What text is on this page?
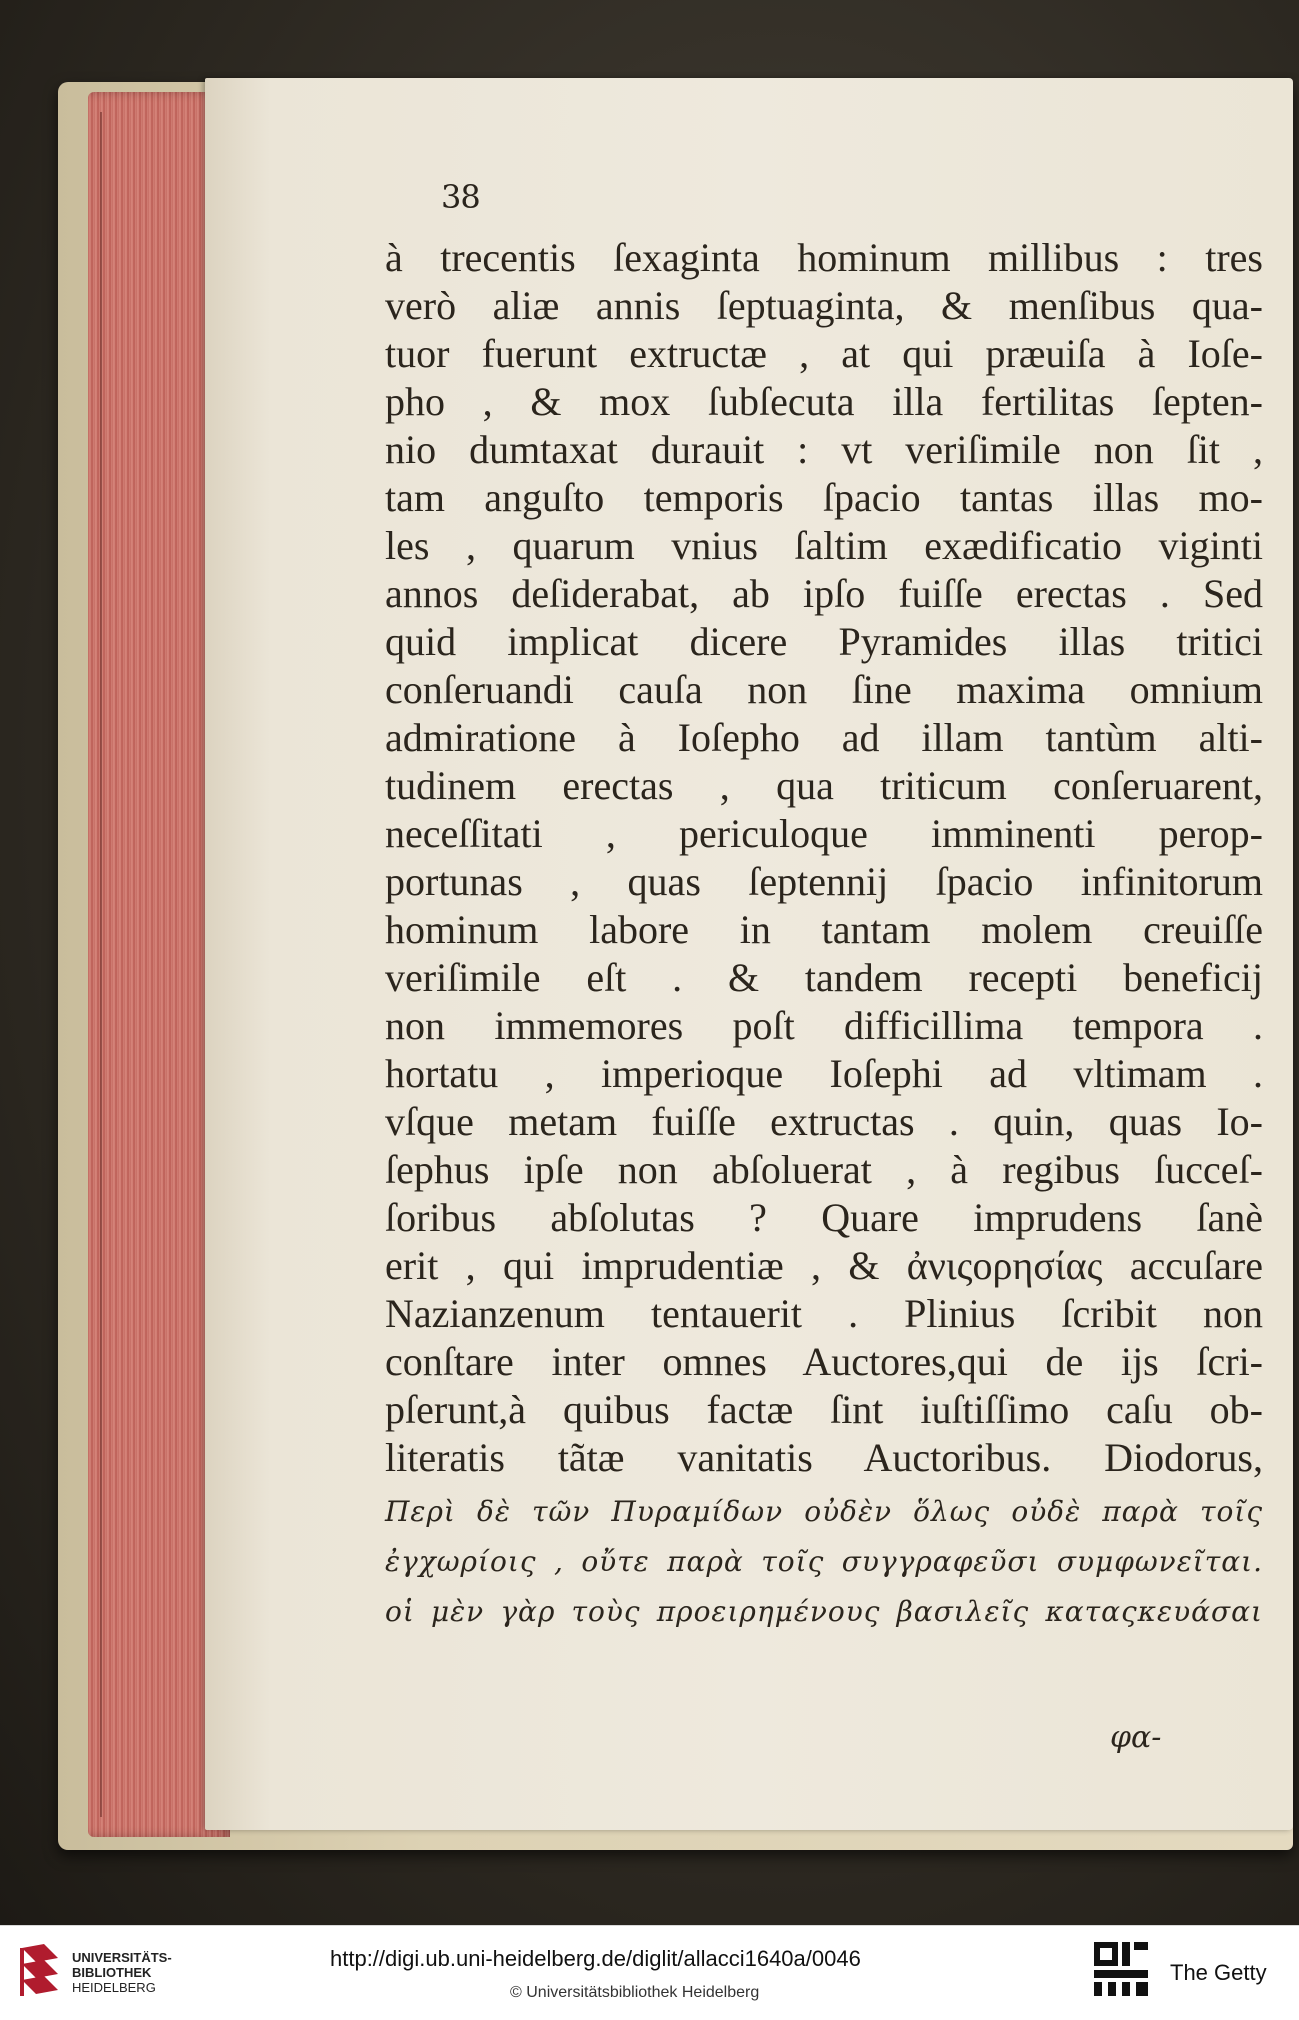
38
à trecentis ſexaginta hominum millibus : tres
verò aliæ annis ſeptuaginta, & menſibus qua-
tuor fuerunt extructæ , at qui præuiſa à Ioſe-
pho , & mox ſubſecuta illa fertilitas ſepten-
nio dumtaxat durauit : vt veriſimile non ſit ,
tam anguſto temporis ſpacio tantas illas mo-
les , quarum vnius ſaltim exædificatio viginti
annos deſiderabat, ab ipſo fuiſſe erectas . Sed
quid implicat dicere Pyramides illas tritici
conſeruandi cauſa non ſine maxima omnium
admiratione à Ioſepho ad illam tantùm alti-
tudinem erectas , qua triticum conſeruarent,
neceſſitati , periculoque imminenti perop-
portunas , quas ſeptennij ſpacio infinitorum
hominum labore in tantam molem creuiſſe
veriſimile eſt . & tandem recepti beneficij
non immemores poſt difficillima tempora .
hortatu , imperioque Ioſephi ad vltimam .
vſque metam fuiſſe extructas . quin, quas Io-
ſephus ipſe non abſoluerat , à regibus ſucceſ-
ſoribus abſolutas ? Quare imprudens ſanè
erit , qui imprudentiæ , & ἀνιςορησίας accuſare
Nazianzenum tentauerit . Plinius ſcribit non
conſtare inter omnes Auctores,qui de ijs ſcri-
pſerunt,à quibus factæ ſint iuſtiſſimo caſu ob-
literatis tãtæ vanitatis Auctoribus. Diodorus,
Περὶ δὲ τῶν Πυραμίδων οὐδὲν ὅλως οὐδὲ παρὰ τοῖς
ἐγχωρίοις , οὔτε παρὰ τοῖς συγγραφεῦσι συμφωνεῖται.
οἱ μὲν γὰρ τοὺς προειρημένους βασιλεῖς καταςκευάσαι
φα-
UNIVERSITÄTS-
BIBLIOTHEK
HEIDELBERG
http://digi.ub.uni-heidelberg.de/diglit/allacci1640a/0046
© Universitätsbibliothek Heidelberg
The Getty
